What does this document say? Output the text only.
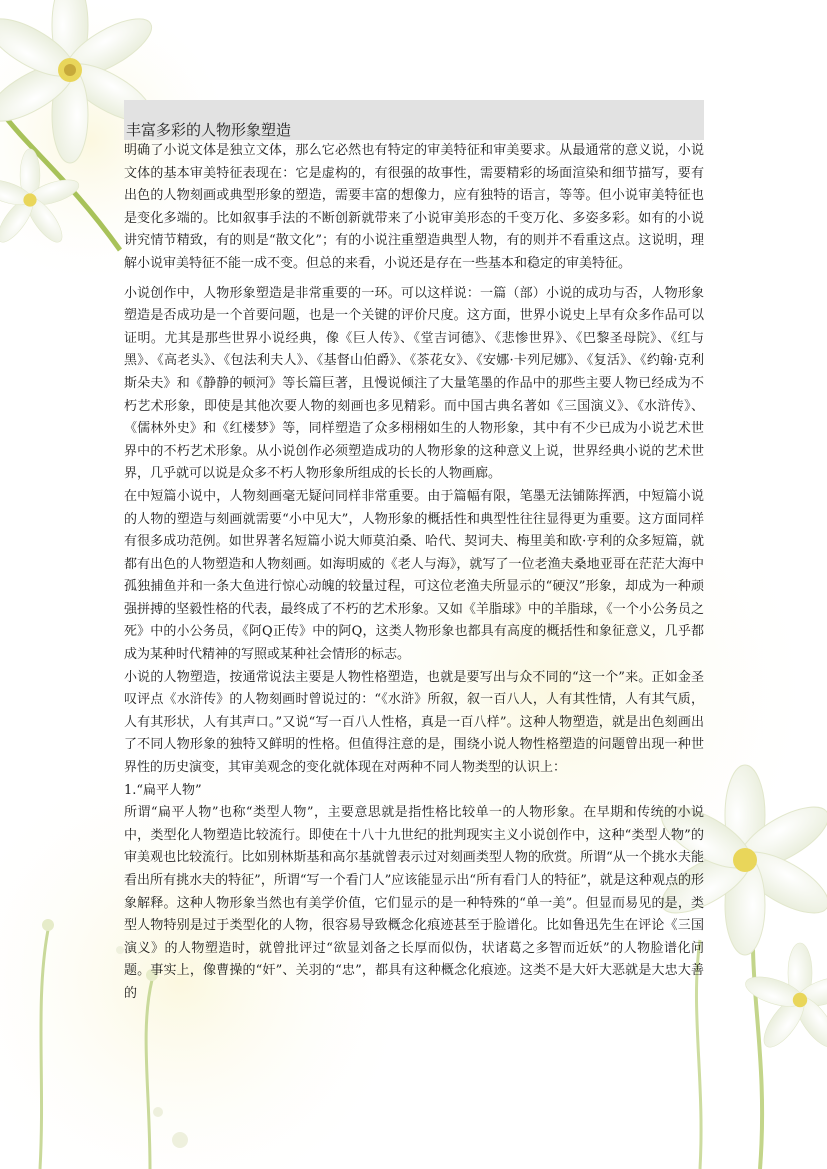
丰富多彩的人物形象塑造

明确了小说文体是独立文体，那么它必然也有特定的审美特征和审美要求。从最通常的意义说，小说文体的基本审美特征表现在：它是虚构的，有很强的故事性，需要精彩的场面渲染和细节描写，要有出色的人物刻画或典型形象的塑造，需要丰富的想像力，应有独特的语言，等等。但小说审美特征也是变化多端的。比如叙事手法的不断创新就带来了小说审美形态的千变万化、多姿多彩。如有的小说讲究情节精致，有的则是“散文化”；有的小说注重塑造典型人物，有的则并不看重这点。这说明，理解小说审美特征不能一成不变。但总的来看，小说还是存在一些基本和稳定的审美特征。

小说创作中，人物形象塑造是非常重要的一环。可以这样说：一篇（部）小说的成功与否，人物形象塑造是否成功是一个首要问题，也是一个关键的评价尺度。这方面，世界小说史上早有众多作品可以证明。尤其是那些世界小说经典，像《巨人传》、《堂吉诃德》、《悲惨世界》、《巴黎圣母院》、《红与黑》、《高老头》、《包法利夫人》、《基督山伯爵》、《茶花女》、《安娜·卡列尼娜》、《复活》、《约翰·克利斯朵夫》和《静静的顿河》等长篇巨著，且慢说倾注了大量笔墨的作品中的那些主要人物已经成为不朽艺术形象，即使是其他次要人物的刻画也多见精彩。而中国古典名著如《三国演义》、《水浒传》、《儒林外史》和《红楼梦》等，同样塑造了众多栩栩如生的人物形象，其中有不少已成为小说艺术世界中的不朽艺术形象。从小说创作必须塑造成功的人物形象的这种意义上说，世界经典小说的艺术世界，几乎就可以说是众多不朽人物形象所组成的长长的人物画廊。

在中短篇小说中，人物刻画毫无疑问同样非常重要。由于篇幅有限，笔墨无法铺陈挥洒，中短篇小说的人物的塑造与刻画就需要“小中见大”，人物形象的概括性和典型性往往显得更为重要。这方面同样有很多成功范例。如世界著名短篇小说大师莫泊桑、哈代、契诃夫、梅里美和欧·亨利的众多短篇，就都有出色的人物塑造和人物刻画。如海明威的《老人与海》，就写了一位老渔夫桑地亚哥在茫茫大海中孤独捕鱼并和一条大鱼进行惊心动魄的较量过程，可这位老渔夫所显示的“硬汉”形象，却成为一种顽强拼搏的坚毅性格的代表，最终成了不朽的艺术形象。又如《羊脂球》中的羊脂球，《一个小公务员之死》中的小公务员，《阿Q正传》中的阿Q，这类人物形象也都具有高度的概括性和象征意义，几乎都成为某种时代精神的写照或某种社会情形的标志。

小说的人物塑造，按通常说法主要是人物性格塑造，也就是要写出与众不同的“这一个”来。正如金圣叹评点《水浒传》的人物刻画时曾说过的：“《水浒》所叙，叙一百八人，人有其性情，人有其气质，人有其形状，人有其声口。”又说“写一百八人性格，真是一百八样”。这种人物塑造，就是出色刻画出了不同人物形象的独特又鲜明的性格。但值得注意的是，围绕小说人物性格塑造的问题曾出现一种世界性的历史演变，其审美观念的变化就体现在对两种不同人物类型的认识上：

1.“扁平人物”

所谓“扁平人物”也称“类型人物”，主要意思就是指性格比较单一的人物形象。在早期和传统的小说中，类型化人物塑造比较流行。即使在十八十九世纪的批判现实主义小说创作中，这种“类型人物”的审美观也比较流行。比如别林斯基和高尔基就曾表示过对刻画类型人物的欣赏。所谓“从一个挑水夫能看出所有挑水夫的特征”，所谓“写一个看门人”应该能显示出“所有看门人的特征”，就是这种观点的形象解释。这种人物形象当然也有美学价值，它们显示的是一种特殊的“单一美”。但显而易见的是，类型人物特别是过于类型化的人物，很容易导致概念化痕迹甚至于脸谱化。比如鲁迅先生在评论《三国演义》的人物塑造时，就曾批评过“欲显刘备之长厚而似伪，状诸葛之多智而近妖”的人物脸谱化问题。事实上，像曹操的“奸”、关羽的“忠”，都具有这种概念化痕迹。这类不是大奸大恶就是大忠大善的
